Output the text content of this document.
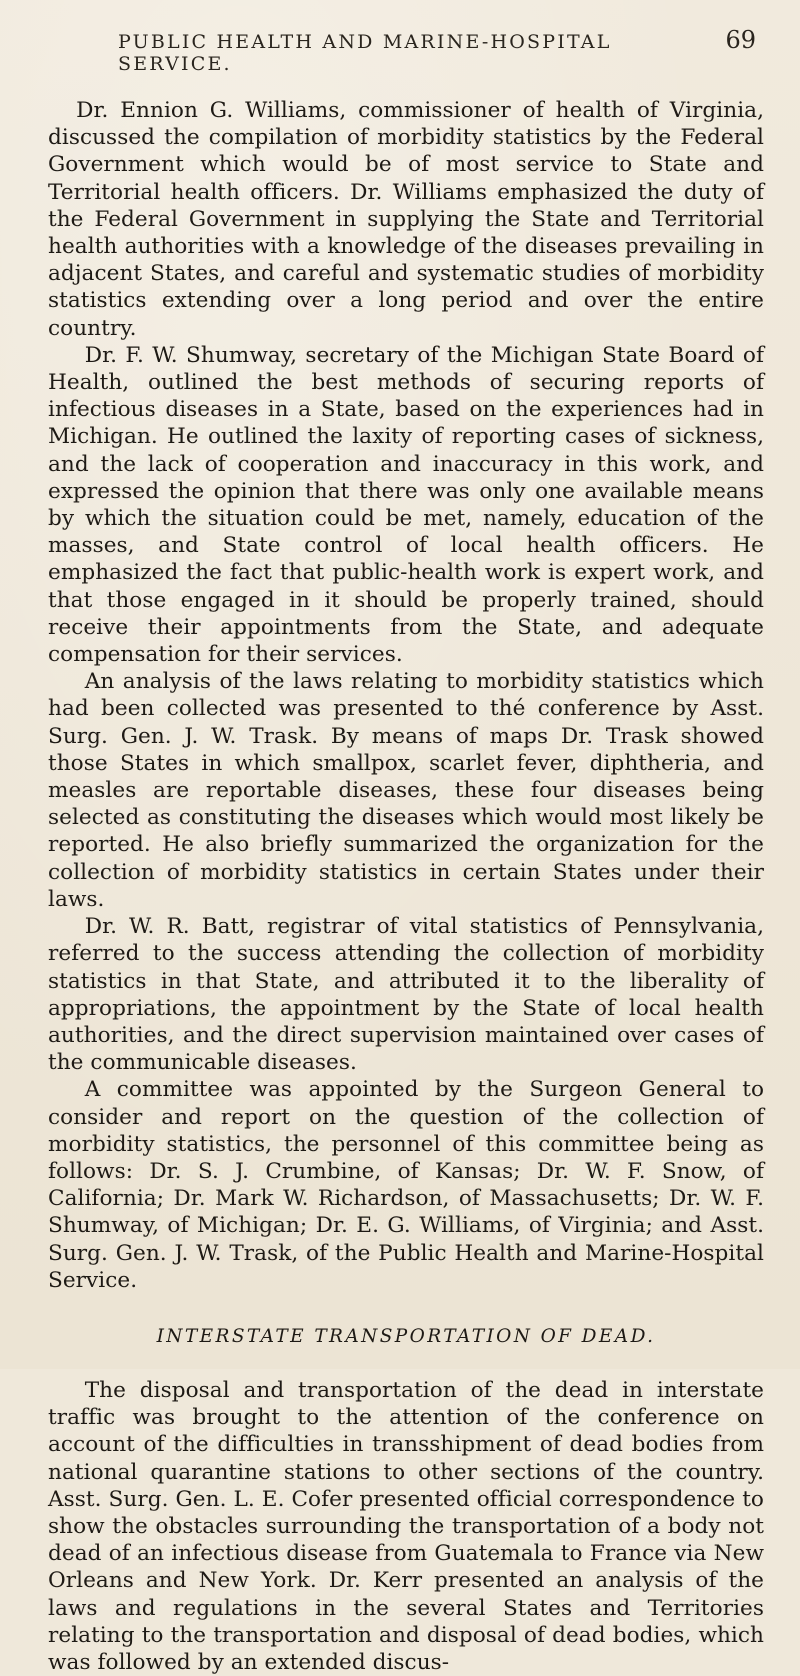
PUBLIC HEALTH AND MARINE-HOSPITAL SERVICE.
69

Dr. Ennion G. Williams, commissioner of health of Virginia, discussed the compilation of morbidity statistics by the Federal Government which would be of most service to State and Territorial health officers. Dr. Williams emphasized the duty of the Federal Government in supplying the State and Territorial health authorities with a knowledge of the diseases prevailing in adjacent States, and careful and systematic studies of morbidity statistics extending over a long period and over the entire country.

Dr. F. W. Shumway, secretary of the Michigan State Board of Health, outlined the best methods of securing reports of infectious diseases in a State, based on the experiences had in Michigan. He outlined the laxity of reporting cases of sickness, and the lack of cooperation and inaccuracy in this work, and expressed the opinion that there was only one available means by which the situation could be met, namely, education of the masses, and State control of local health officers. He emphasized the fact that public-health work is expert work, and that those engaged in it should be properly trained, should receive their appointments from the State, and adequate compensation for their services.

An analysis of the laws relating to morbidity statistics which had been collected was presented to thé conference by Asst. Surg. Gen. J. W. Trask. By means of maps Dr. Trask showed those States in which smallpox, scarlet fever, diphtheria, and measles are reportable diseases, these four diseases being selected as constituting the diseases which would most likely be reported. He also briefly summarized the organization for the collection of morbidity statistics in certain States under their laws.

Dr. W. R. Batt, registrar of vital statistics of Pennsylvania, referred to the success attending the collection of morbidity statistics in that State, and attributed it to the liberality of appropriations, the appointment by the State of local health authorities, and the direct supervision maintained over cases of the communicable diseases.

A committee was appointed by the Surgeon General to consider and report on the question of the collection of morbidity statistics, the personnel of this committee being as follows: Dr. S. J. Crumbine, of Kansas; Dr. W. F. Snow, of California; Dr. Mark W. Richardson, of Massachusetts; Dr. W. F. Shumway, of Michigan; Dr. E. G. Williams, of Virginia; and Asst. Surg. Gen. J. W. Trask, of the Public Health and Marine-Hospital Service.

INTERSTATE TRANSPORTATION OF DEAD.

The disposal and transportation of the dead in interstate traffic was brought to the attention of the conference on account of the difficulties in transshipment of dead bodies from national quarantine stations to other sections of the country. Asst. Surg. Gen. L. E. Cofer presented official correspondence to show the obstacles surrounding the transportation of a body not dead of an infectious disease from Guatemala to France via New Orleans and New York. Dr. Kerr presented an analysis of the laws and regulations in the several States and Territories relating to the transportation and disposal of dead bodies, which was followed by an extended discus-
